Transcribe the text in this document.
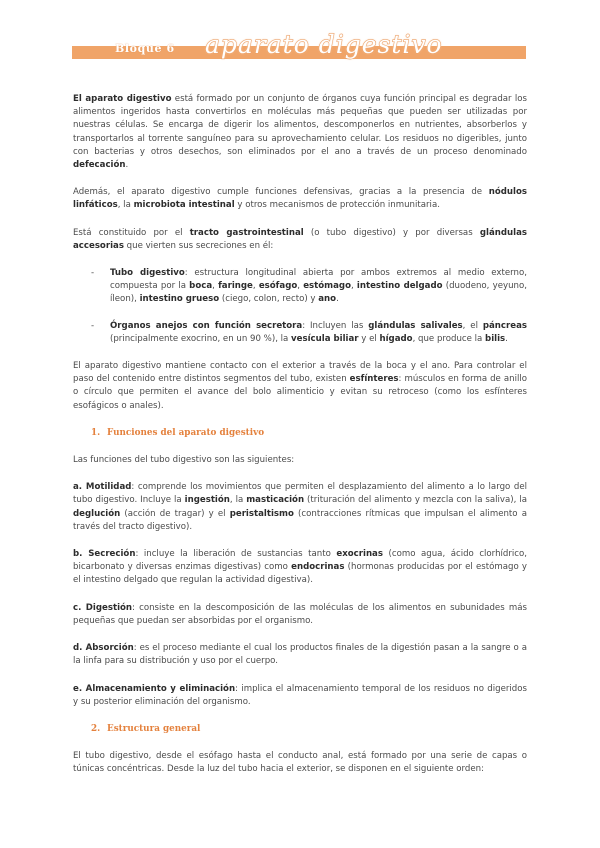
Bloque 6 aparato digestivo

El aparato digestivo está formado por un conjunto de órganos cuya función principal es degradar los alimentos ingeridos hasta convertirlos en moléculas más pequeñas que pueden ser utilizadas por nuestras células. Se encarga de digerir los alimentos, descomponerlos en nutrientes, absorberlos y transportarlos al torrente sanguíneo para su aprovechamiento celular. Los residuos no digeribles, junto con bacterias y otros desechos, son eliminados por el ano a través de un proceso denominado defecación.

Además, el aparato digestivo cumple funciones defensivas, gracias a la presencia de nódulos linfáticos, la microbiota intestinal y otros mecanismos de protección inmunitaria.

Está constituido por el tracto gastrointestinal (o tubo digestivo) y por diversas glándulas accesorias que vierten sus secreciones en él:

- Tubo digestivo: estructura longitudinal abierta por ambos extremos al medio externo, compuesta por la boca, faringe, esófago, estómago, intestino delgado (duodeno, yeyuno, íleon), intestino grueso (ciego, colon, recto) y ano.
- Órganos anejos con función secretora: Incluyen las glándulas salivales, el páncreas (principalmente exocrino, en un 90 %), la vesícula biliar y el hígado, que produce la bilis.

El aparato digestivo mantiene contacto con el exterior a través de la boca y el ano. Para controlar el paso del contenido entre distintos segmentos del tubo, existen esfínteres: músculos en forma de anillo o círculo que permiten el avance del bolo alimenticio y evitan su retroceso (como los esfínteres esofágicos o anales).

1. Funciones del aparato digestivo

Las funciones del tubo digestivo son las siguientes:

a. Motilidad: comprende los movimientos que permiten el desplazamiento del alimento a lo largo del tubo digestivo. Incluye la ingestión, la masticación (trituración del alimento y mezcla con la saliva), la deglución (acción de tragar) y el peristaltismo (contracciones rítmicas que impulsan el alimento a través del tracto digestivo).

b. Secreción: incluye la liberación de sustancias tanto exocrinas (como agua, ácido clorhídrico, bicarbonato y diversas enzimas digestivas) como endocrinas (hormonas producidas por el estómago y el intestino delgado que regulan la actividad digestiva).

c. Digestión: consiste en la descomposición de las moléculas de los alimentos en subunidades más pequeñas que puedan ser absorbidas por el organismo.

d. Absorción: es el proceso mediante el cual los productos finales de la digestión pasan a la sangre o a la linfa para su distribución y uso por el cuerpo.

e. Almacenamiento y eliminación: implica el almacenamiento temporal de los residuos no digeridos y su posterior eliminación del organismo.

2. Estructura general

El tubo digestivo, desde el esófago hasta el conducto anal, está formado por una serie de capas o túnicas concéntricas. Desde la luz del tubo hacia el exterior, se disponen en el siguiente orden:
